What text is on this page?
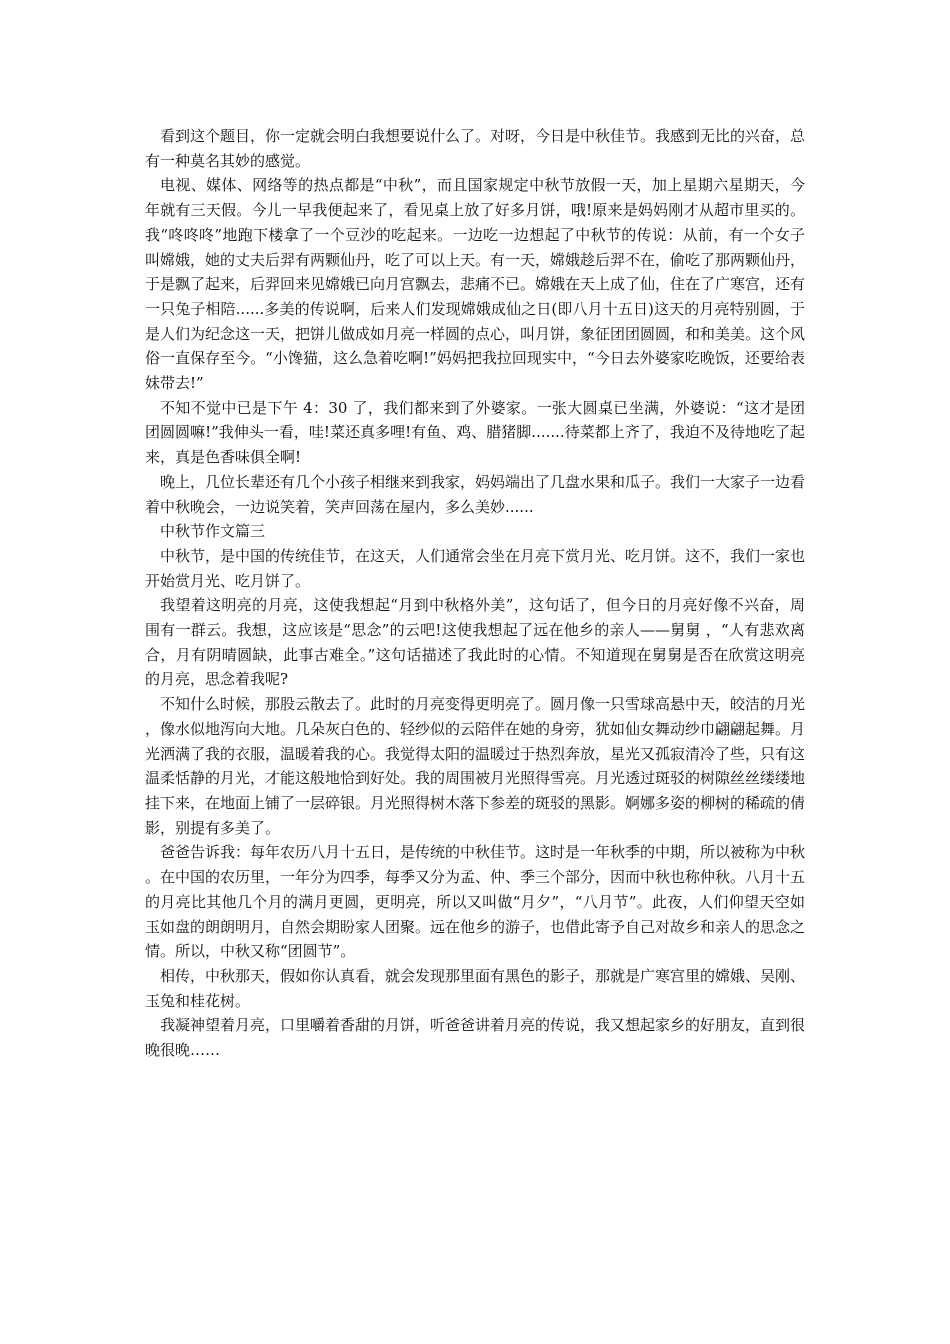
看到这个题目，你一定就会明白我想要说什么了。对呀，今日是中秋佳节。我感到无比的兴奋，总有一种莫名其妙的感觉。

电视、媒体、网络等的热点都是“中秋”，而且国家规定中秋节放假一天，加上星期六星期天，今年就有三天假。今儿一早我便起来了，看见桌上放了好多月饼，哦!原来是妈妈刚才从超市里买的。我“咚咚咚”地跑下楼拿了一个豆沙的吃起来。一边吃一边想起了中秋节的传说：从前，有一个女子叫嫦娥，她的丈夫后羿有两颗仙丹，吃了可以上天。有一天，嫦娥趁后羿不在，偷吃了那两颗仙丹，于是飘了起来，后羿回来见嫦娥已向月宫飘去，悲痛不已。嫦娥在天上成了仙，住在了广寒宫，还有一只兔子相陪......多美的传说啊，后来人们发现嫦娥成仙之日(即八月十五日)这天的月亮特别圆，于是人们为纪念这一天，把饼儿做成如月亮一样圆的点心，叫月饼，象征团团圆圆，和和美美。这个风俗一直保存至今。“小馋猫，这么急着吃啊!”妈妈把我拉回现实中，“今日去外婆家吃晚饭，还要给表妹带去!”

不知不觉中已是下午 4：30 了，我们都来到了外婆家。一张大圆桌已坐满，外婆说：“这才是团团圆圆嘛!”我伸头一看，哇!菜还真多哩!有鱼、鸡、腊猪脚.......待菜都上齐了，我迫不及待地吃了起来，真是色香味俱全啊!

晚上，几位长辈还有几个小孩子相继来到我家，妈妈端出了几盘水果和瓜子。我们一大家子一边看着中秋晚会，一边说笑着，笑声回荡在屋内，多么美妙......

中秋节作文篇三

中秋节，是中国的传统佳节，在这天，人们通常会坐在月亮下赏月光、吃月饼。这不，我们一家也开始赏月光、吃月饼了。

我望着这明亮的月亮，这使我想起“月到中秋格外美”，这句话了，但今日的月亮好像不兴奋，周围有一群云。我想，这应该是“思念”的云吧!这使我想起了远在他乡的亲人——舅舅 ，“人有悲欢离合，月有阴晴圆缺，此事古难全。”这句话描述了我此时的心情。不知道现在舅舅是否在欣赏这明亮的月亮，思念着我呢?

不知什么时候，那股云散去了。此时的月亮变得更明亮了。圆月像一只雪球高悬中天，皎洁的月光，像水似地泻向大地。几朵灰白色的、轻纱似的云陪伴在她的身旁，犹如仙女舞动纱巾翩翩起舞。月光洒满了我的衣服，温暖着我的心。我觉得太阳的温暖过于热烈奔放，星光又孤寂清冷了些，只有这温柔恬静的月光，才能这般地恰到好处。我的周围被月光照得雪亮。月光透过斑驳的树隙丝丝缕缕地挂下来，在地面上铺了一层碎银。月光照得树木落下参差的斑驳的黑影。婀娜多姿的柳树的稀疏的倩影，别提有多美了。

爸爸告诉我：每年农历八月十五日，是传统的中秋佳节。这时是一年秋季的中期，所以被称为中秋。在中国的农历里，一年分为四季，每季又分为孟、仲、季三个部分，因而中秋也称仲秋。八月十五的月亮比其他几个月的满月更圆，更明亮，所以又叫做“月夕”，“八月节”。此夜，人们仰望天空如玉如盘的朗朗明月，自然会期盼家人团聚。远在他乡的游子，也借此寄予自己对故乡和亲人的思念之情。所以，中秋又称“团圆节”。

相传，中秋那天，假如你认真看，就会发现那里面有黑色的影子，那就是广寒宫里的嫦娥、吴刚、玉兔和桂花树。

我凝神望着月亮，口里嚼着香甜的月饼，听爸爸讲着月亮的传说，我又想起家乡的好朋友，直到很晚很晚……
